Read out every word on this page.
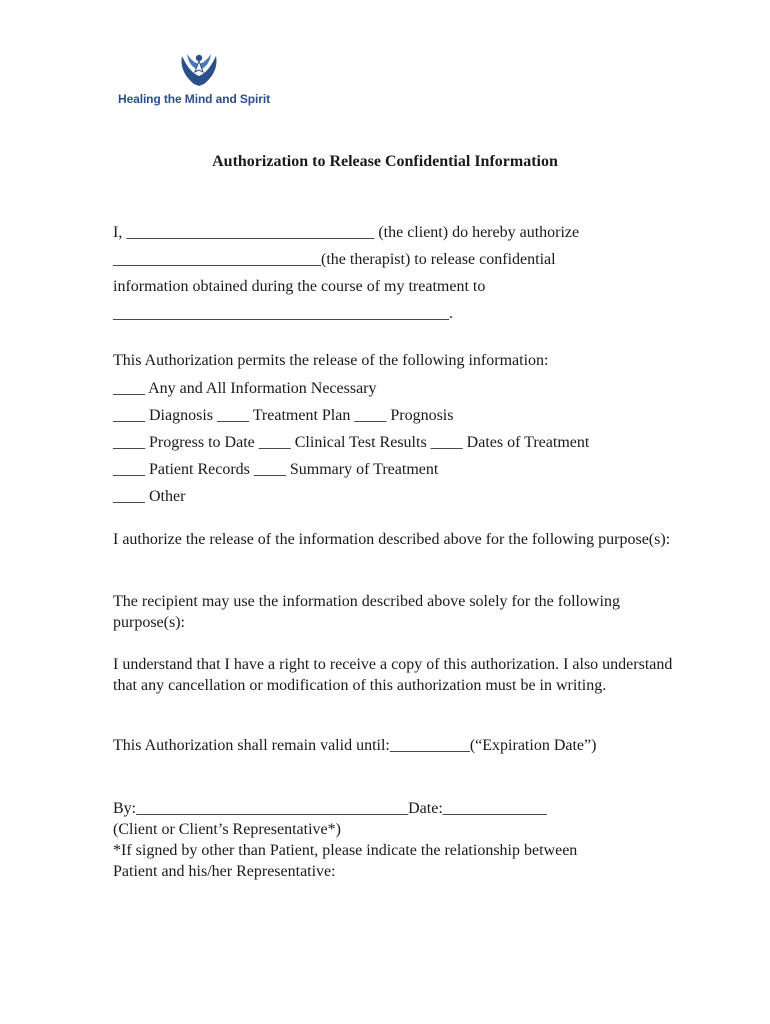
Healing the Mind and Spirit
Authorization to Release Confidential Information

I, _______________________________ (the client) do hereby authorize

__________________________(the therapist) to release confidential

information obtained during the course of my treatment to

__________________________________________.

This Authorization permits the release of the following information:

____ Any and All Information Necessary

____ Diagnosis ____ Treatment Plan ____ Prognosis

____ Progress to Date ____ Clinical Test Results ____ Dates of Treatment

____ Patient Records ____ Summary of Treatment

____ Other

I authorize the release of the information described above for the following purpose(s):

The recipient may use the information described above solely for the following purpose(s):

I understand that I have a right to receive a copy of this authorization. I also understand that any cancellation or modification of this authorization must be in writing.

This Authorization shall remain valid until:__________(“Expiration Date”)

By:__________________________________Date:_____________

(Client or Client’s Representative*)

*If signed by other than Patient, please indicate the relationship between

Patient and his/her Representative:
